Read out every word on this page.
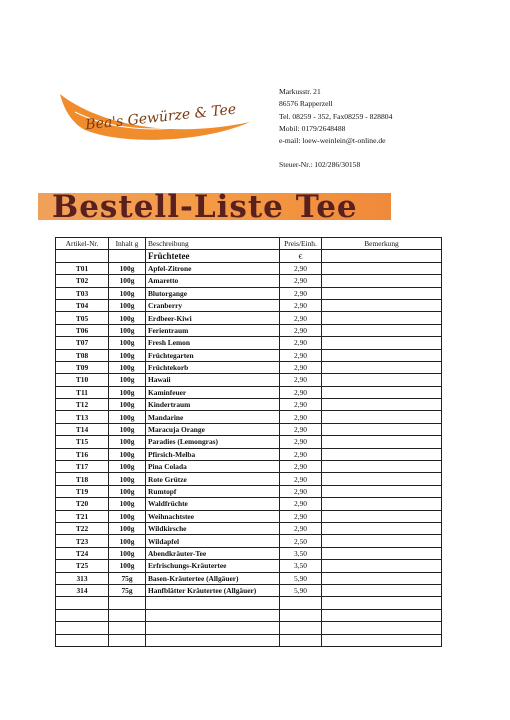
Bea's Gewürze & Tee
Markusstr. 21
86576 Rapperzell
Tel. 08259 - 352, Fax08259 - 828804
Mobil: 0179/2648488
e-mail: loew-weinlein@t-online.de
Steuer-Nr.: 102/286/30158
Bestell-Liste Tee
Artikel-Nr.	Inhalt g	Beschreibung	Preis/Einh.	Bemerkung
		Früchtetee	€	
T01	100g	Apfel-Zitrone	2,90	
T02	100g	Amaretto	2,90	
T03	100g	Blutorgange	2,90	
T04	100g	Cranberry	2,90	
T05	100g	Erdbeer-Kiwi	2,90	
T06	100g	Ferientraum	2,90	
T07	100g	Fresh Lemon	2,90	
T08	100g	Früchtegarten	2,90	
T09	100g	Früchtekorb	2,90	
T10	100g	Hawaii	2,90	
T11	100g	Kaminfeuer	2,90	
T12	100g	Kindertraum	2,90	
T13	100g	Mandarine	2,90	
T14	100g	Maracuja Orange	2,90	
T15	100g	Paradies (Lemongras)	2,90	
T16	100g	Pfirsich-Melba	2,90	
T17	100g	Pina Colada	2,90	
T18	100g	Rote Grütze	2,90	
T19	100g	Rumtopf	2,90	
T20	100g	Waldfrüchte	2,90	
T21	100g	Weihnachtstee	2,90	
T22	100g	Wildkirsche	2,90	
T23	100g	Wildapfel	2,50	
T24	100g	Abendkräuter-Tee	3,50	
T25	100g	Erfrischungs-Kräutertee	3,50	
313	75g	Basen-Kräutertee (Allgäuer)	5,90	
314	75g	Hanfblätter Kräutertee (Allgäuer)	5,90	
